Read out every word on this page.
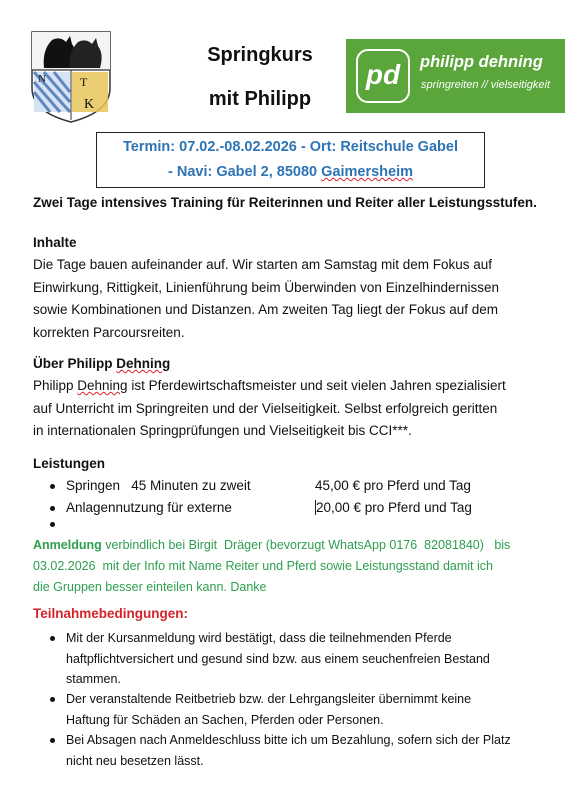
N	T
K
Springkurs
mit Philipp
pd	philipp dehning
springreiten // vielseitigkeit
Termin: 07.02.-08.02.2026 - Ort: Reitschule Gabel
- Navi: Gabel 2, 85080 Gaimersheim
Zwei Tage intensives Training für Reiterinnen und Reiter aller Leistungsstufen.
Inhalte
Die Tage bauen aufeinander auf. Wir starten am Samstag mit dem Fokus auf
Einwirkung, Rittigkeit, Linienführung beim Überwinden von Einzelhindernissen
sowie Kombinationen und Distanzen. Am zweiten Tag liegt der Fokus auf dem
korrekten Parcoursreiten.
Über Philipp Dehning
Philipp Dehning ist Pferdewirtschaftsmeister und seit vielen Jahren spezialisiert
auf Unterricht im Springreiten und der Vielseitigkeit. Selbst erfolgreich geritten
in internationalen Springprüfungen und Vielseitigkeit bis CCI***.
Leistungen
Springen   45 Minuten zu zweit	45,00 € pro Pferd und Tag
Anlagennutzung für externe	20,00 € pro Pferd und Tag
Anmeldung verbindlich bei Birgit  Dräger (bevorzugt WhatsApp 0176  82081840)   bis
03.02.2026  mit der Info mit Name Reiter und Pferd sowie Leistungsstand damit ich
die Gruppen besser einteilen kann. Danke
Teilnahmebedingungen:
Mit der Kursanmeldung wird bestätigt, dass die teilnehmenden Pferde
haftpflichtversichert und gesund sind bzw. aus einem seuchenfreien Bestand
stammen.
Der veranstaltende Reitbetrieb bzw. der Lehrgangsleiter übernimmt keine
Haftung für Schäden an Sachen, Pferden oder Personen.
Bei Absagen nach Anmeldeschluss bitte ich um Bezahlung, sofern sich der Platz
nicht neu besetzen lässt.
